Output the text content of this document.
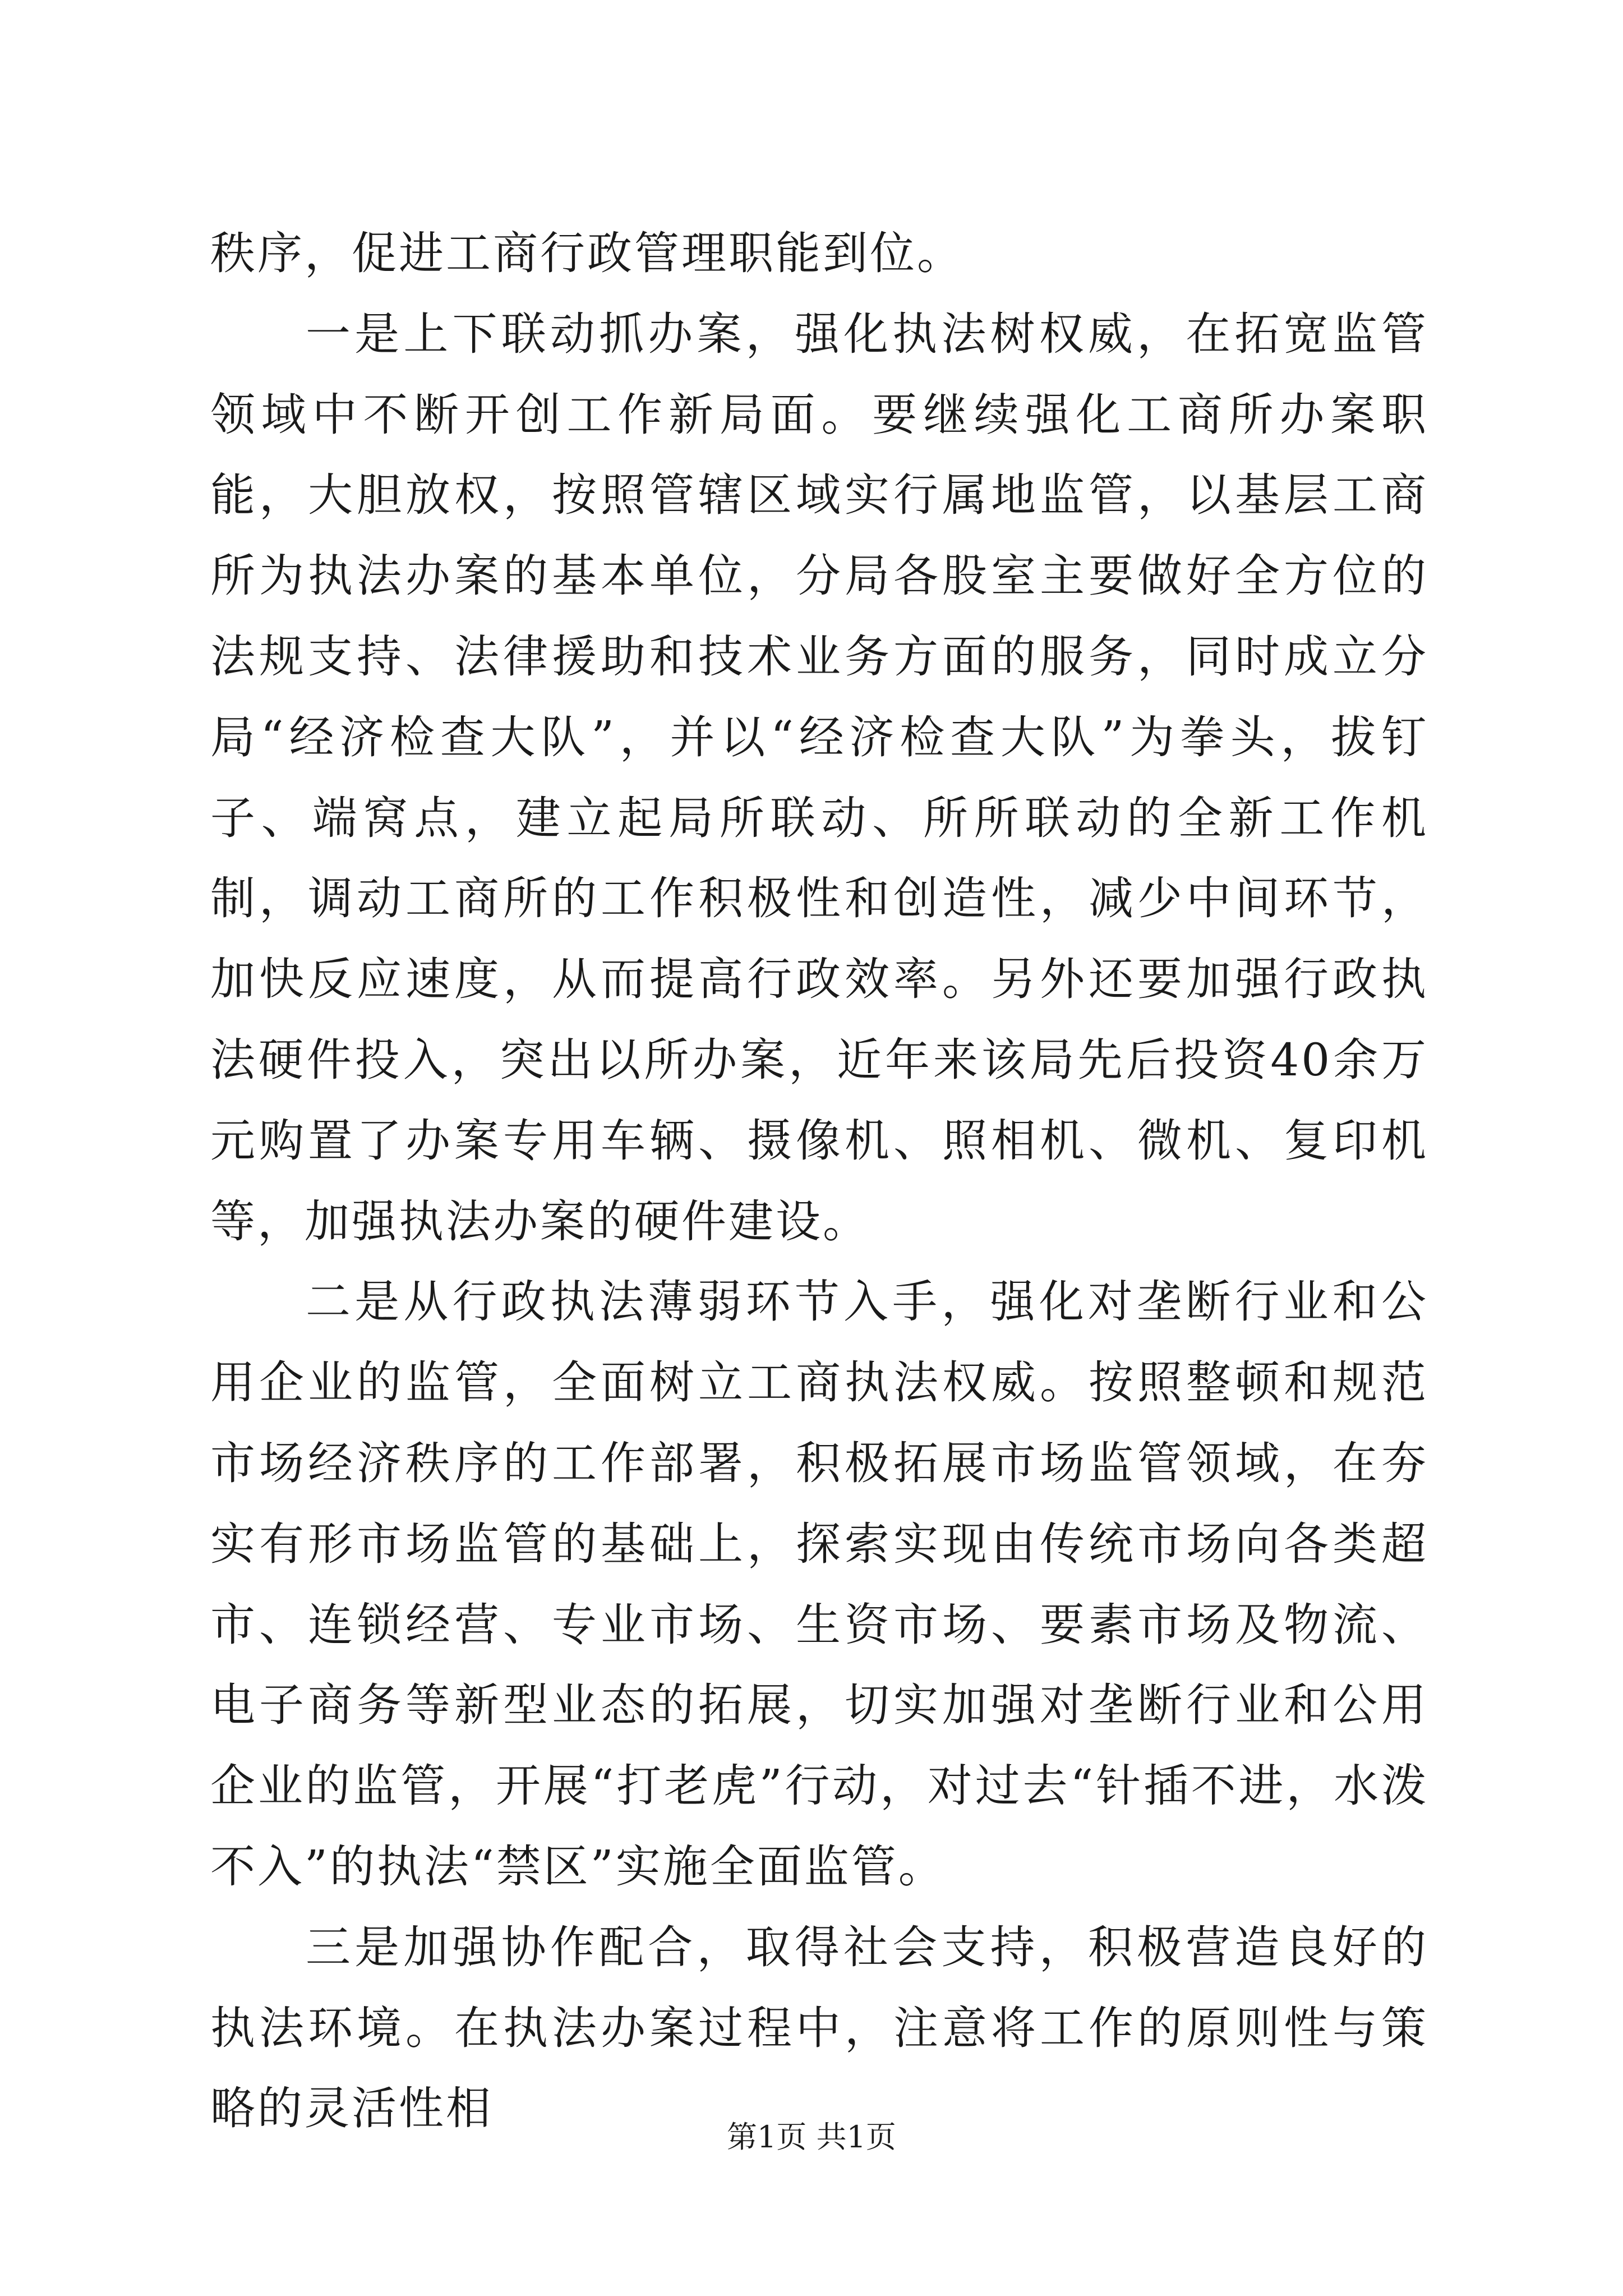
秩序，促进工商行政管理职能到位。

一是上下联动抓办案，强化执法树权威，在拓宽监管领域中不断开创工作新局面。要继续强化工商所办案职能，大胆放权，按照管辖区域实行属地监管，以基层工商所为执法办案的基本单位，分局各股室主要做好全方位的法规支持、法律援助和技术业务方面的服务，同时成立分局“经济检查大队”，并以“经济检查大队”为拳头，拔钉子、端窝点，建立起局所联动、所所联动的全新工作机制，调动工商所的工作积极性和创造性，减少中间环节，加快反应速度，从而提高行政效率。另外还要加强行政执法硬件投入，突出以所办案，近年来该局先后投资40余万元购置了办案专用车辆、摄像机、照相机、微机、复印机等，加强执法办案的硬件建设。

二是从行政执法薄弱环节入手，强化对垄断行业和公用企业的监管，全面树立工商执法权威。按照整顿和规范市场经济秩序的工作部署，积极拓展市场监管领域，在夯实有形市场监管的基础上，探索实现由传统市场向各类超市、连锁经营、专业市场、生资市场、要素市场及物流、电子商务等新型业态的拓展，切实加强对垄断行业和公用企业的监管，开展“打老虎”行动，对过去“针插不进，水泼不入”的执法“禁区”实施全面监管。

三是加强协作配合，取得社会支持，积极营造良好的执法环境。在执法办案过程中，注意将工作的原则性与策略的灵活性相

第1页 共1页
